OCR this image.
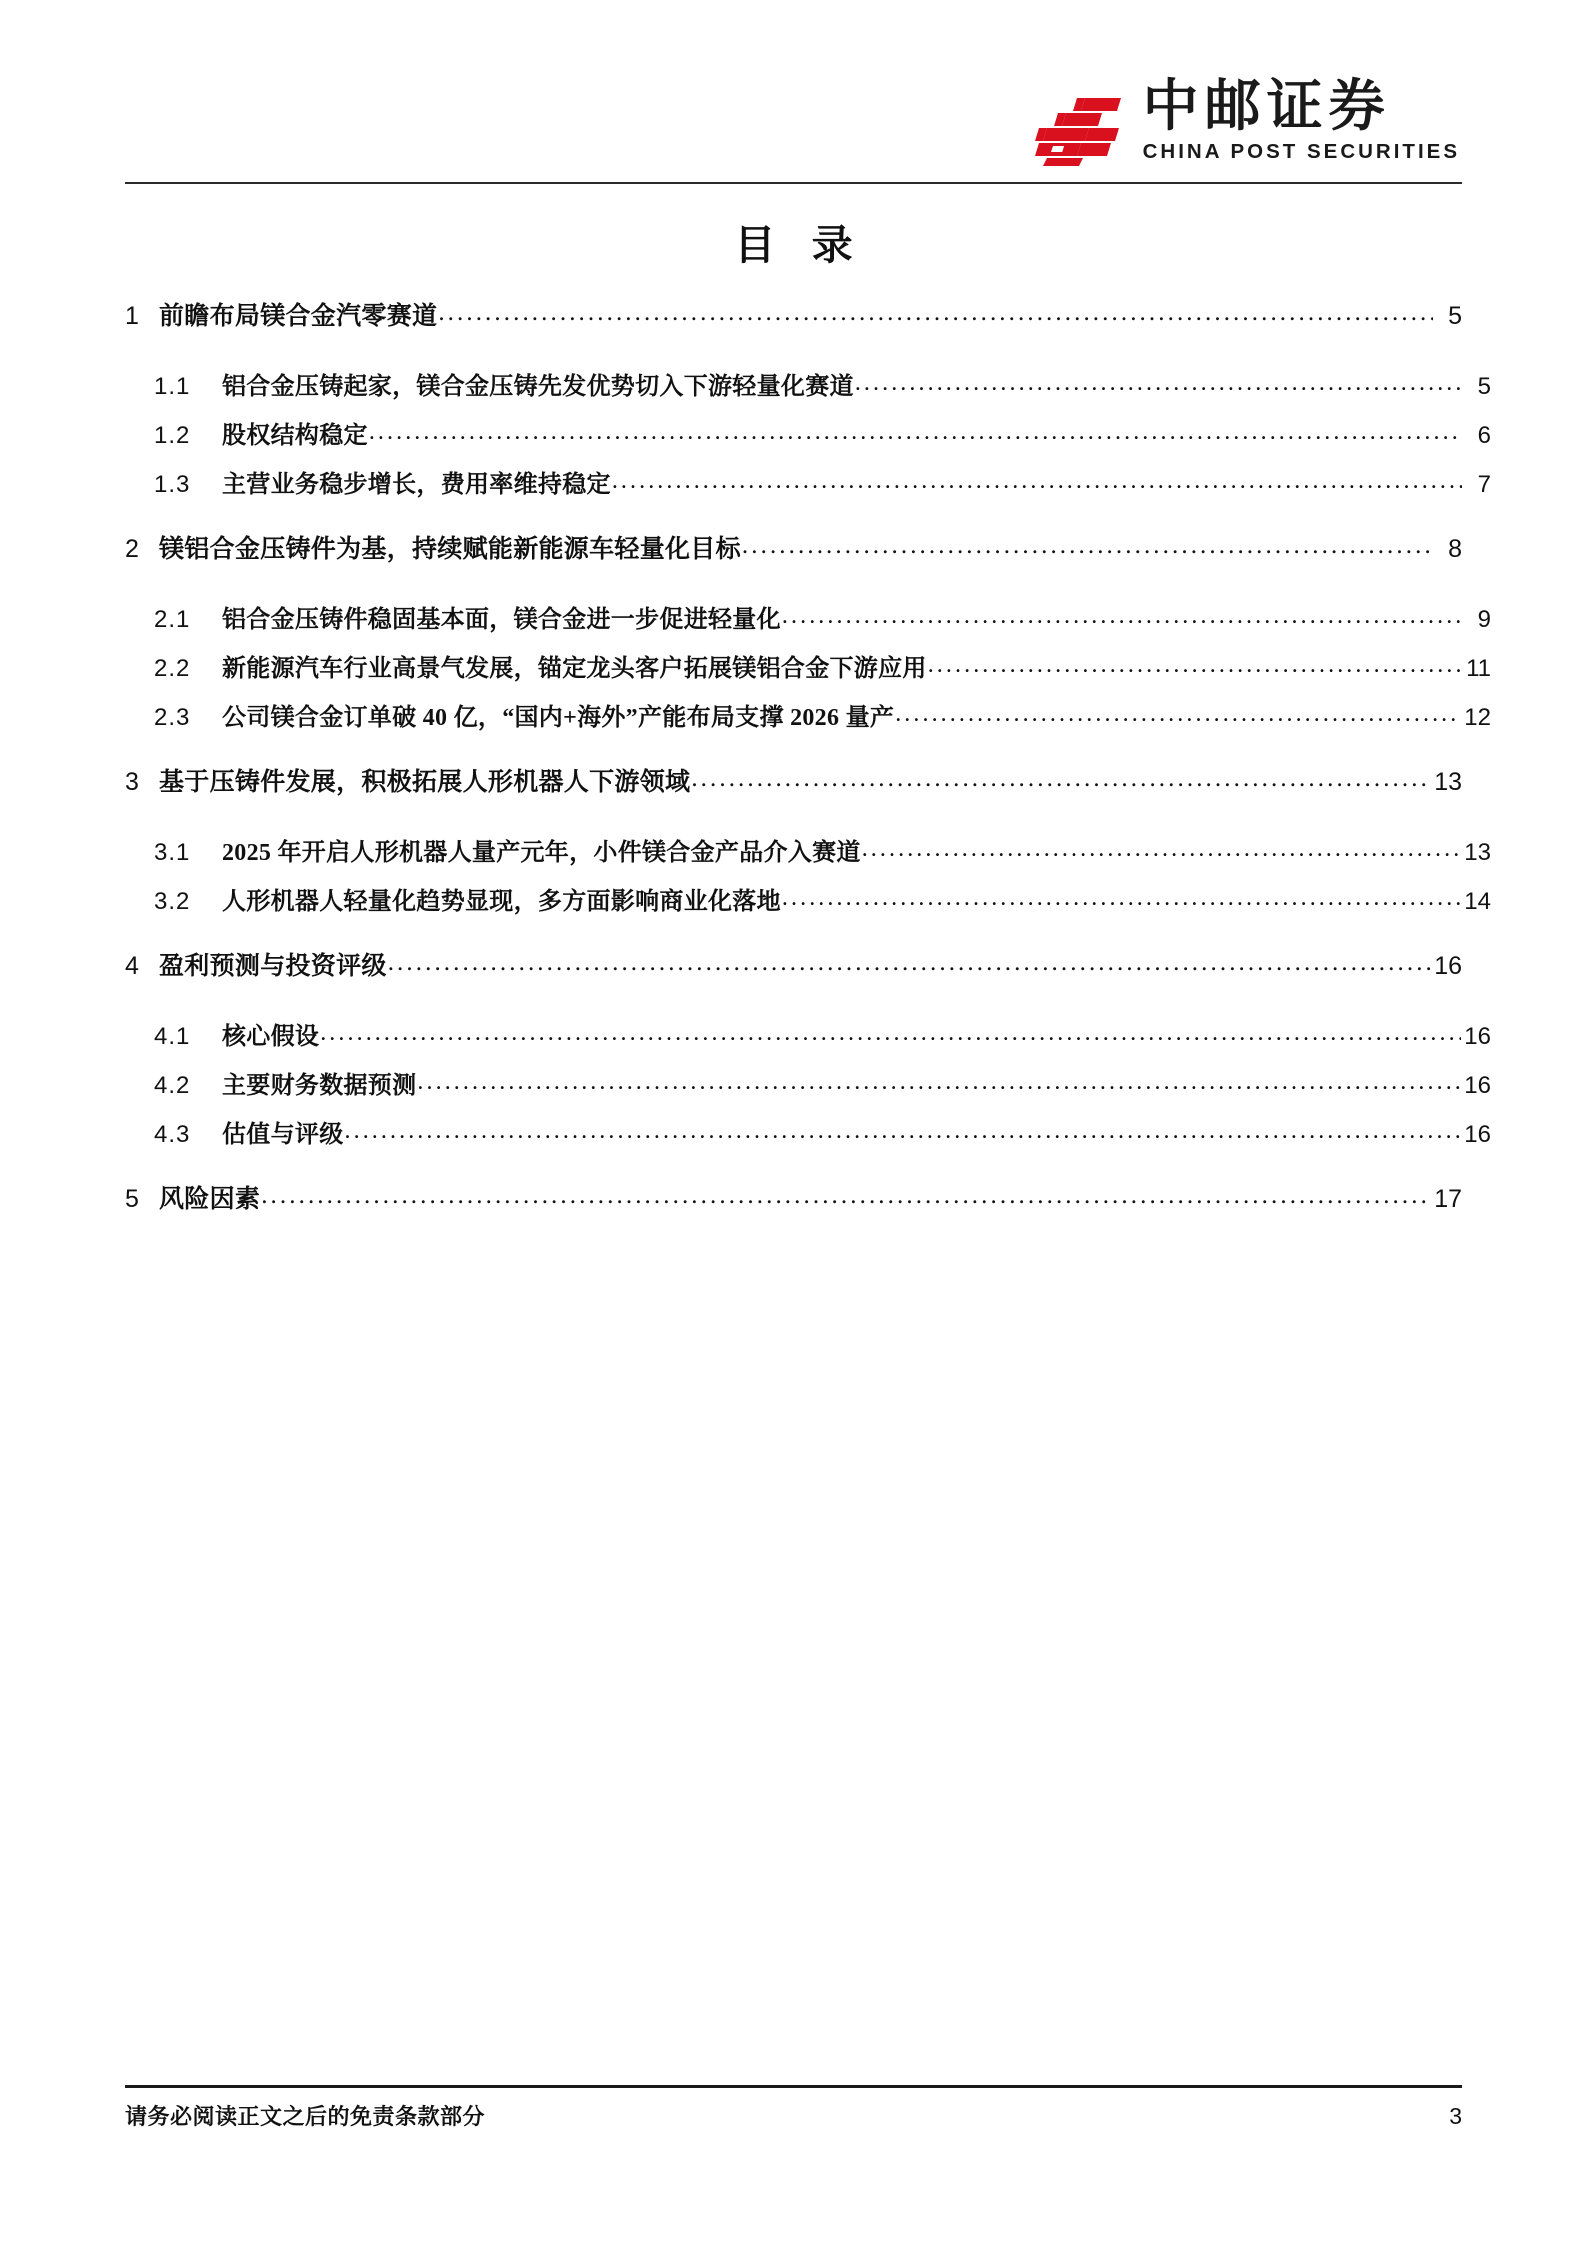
中邮证券
CHINA POST SECURITIES
目 录
1 前瞻布局镁合金汽零赛道 .....	5
1.1	铝合金压铸起家，镁合金压铸先发优势切入下游轻量化赛道 .....	5
1.2	股权结构稳定 .....	6
1.3	主营业务稳步增长，费用率维持稳定 .....	7
2 镁铝合金压铸件为基，持续赋能新能源车轻量化目标 .....	8
2.1	铝合金压铸件稳固基本面，镁合金进一步促进轻量化 .....	9
2.2	新能源汽车行业高景气发展，锚定龙头客户拓展镁铝合金下游应用 .....	11
2.3	公司镁合金订单破 40 亿，“国内+海外”产能布局支撑 2026 量产 .....	12
3 基于压铸件发展，积极拓展人形机器人下游领域 .....	13
3.1	2025 年开启人形机器人量产元年，小件镁合金产品介入赛道 .....	13
3.2	人形机器人轻量化趋势显现，多方面影响商业化落地 .....	14
4 盈利预测与投资评级 .....	16
4.1	核心假设 .....	16
4.2	主要财务数据预测 .....	16
4.3	估值与评级 .....	16
5 风险因素 .....	17
请务必阅读正文之后的免责条款部分	3
